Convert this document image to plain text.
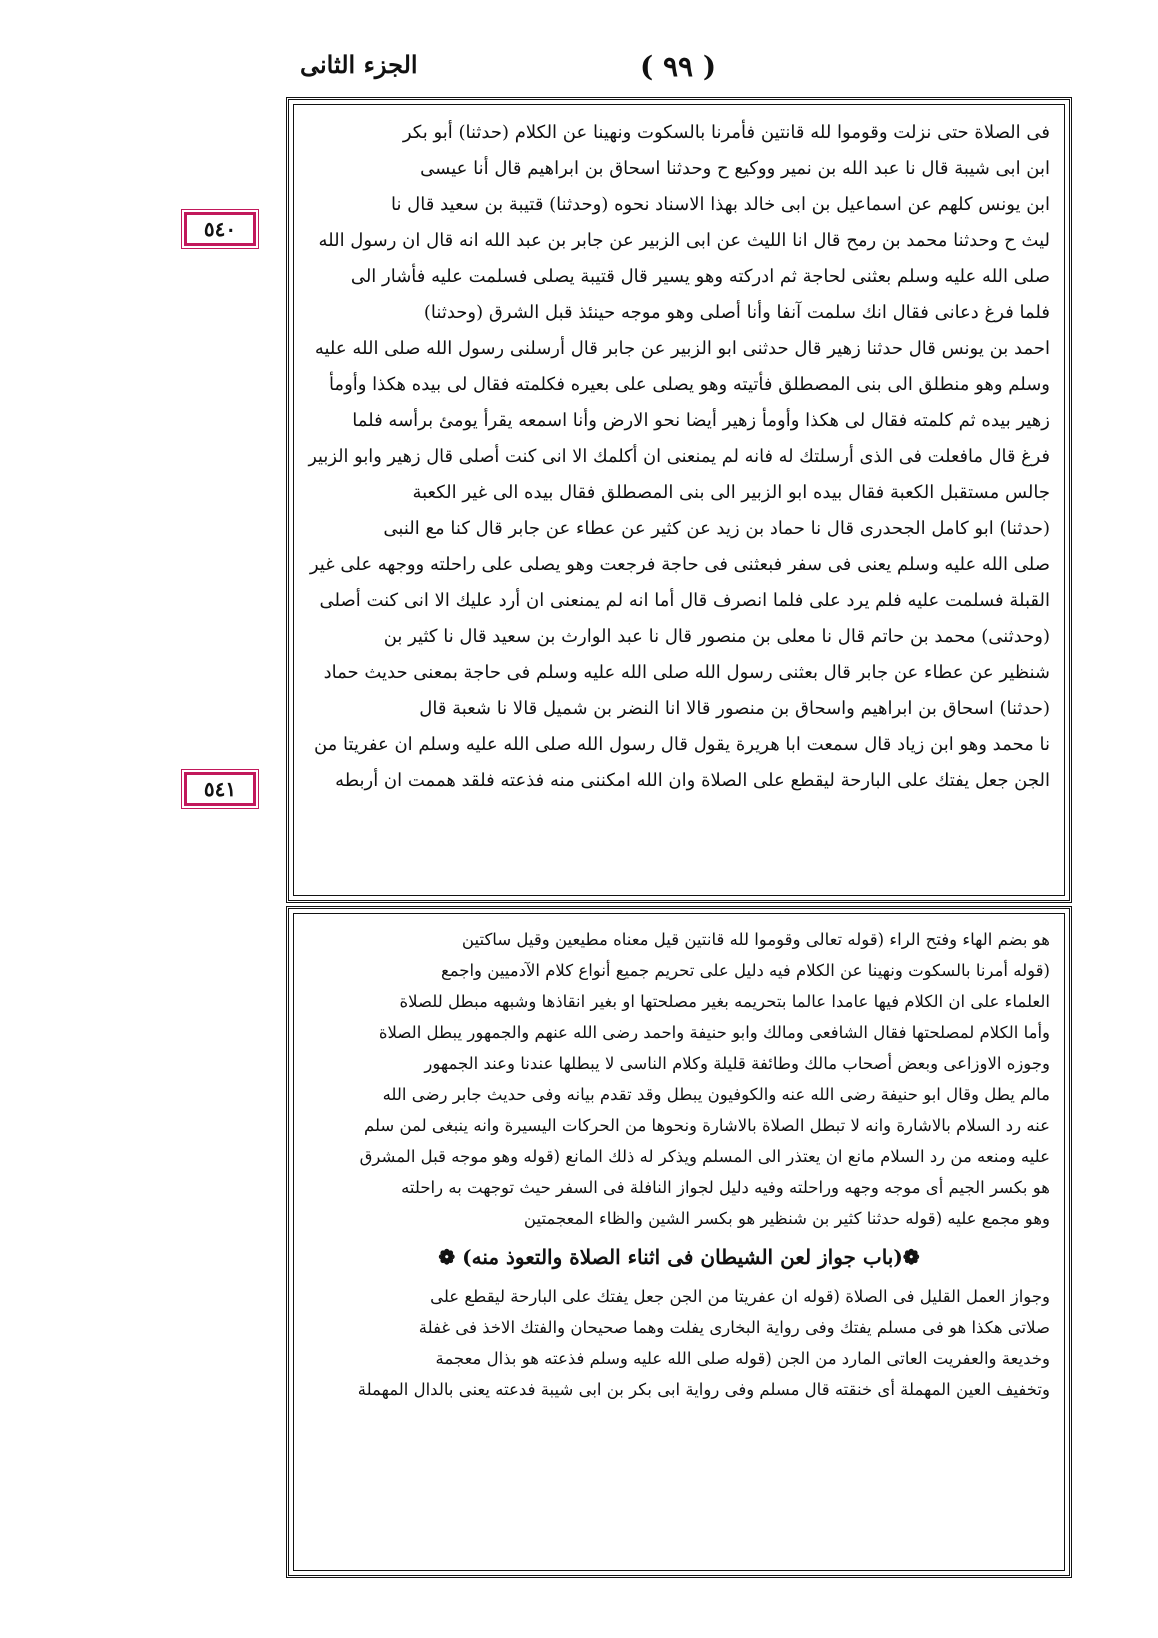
الجزء الثانى	( ٩٩ )
٥٤٠
٥٤١
فى الصلاة حتى نزلت وقوموا لله قانتين فأمرنا بالسكوت ونهينا عن الكلام (حدثنا) أبو بكر
ابن ابى شيبة قال نا عبد الله بن نمير ووكيع ح وحدثنا اسحاق بن ابراهيم قال أنا عيسى
ابن يونس كلهم عن اسماعيل بن ابى خالد بهذا الاسناد نحوه (وحدثنا) قتيبة بن سعيد قال نا
ليث ح وحدثنا محمد بن رمح قال انا الليث عن ابى الزبير عن جابر بن عبد الله انه قال ان رسول الله
صلى الله عليه وسلم بعثنى لحاجة ثم ادركته وهو يسير قال قتيبة يصلى فسلمت عليه فأشار الى
فلما فرغ دعانى فقال انك سلمت آنفا وأنا أصلى وهو موجه حينئذ قبل الشرق (وحدثنا)
احمد بن يونس قال حدثنا زهير قال حدثنى ابو الزبير عن جابر قال أرسلنى رسول الله صلى الله عليه
وسلم وهو منطلق الى بنى المصطلق فأتيته وهو يصلى على بعيره فكلمته فقال لى بيده هكذا وأومأ
زهير بيده ثم كلمته فقال لى هكذا وأومأ زهير أيضا نحو الارض وأنا اسمعه يقرأ يومئ برأسه فلما
فرغ قال مافعلت فى الذى أرسلتك له فانه لم يمنعنى ان أكلمك الا انى كنت أصلى قال زهير وابو الزبير
جالس مستقبل الكعبة فقال بيده ابو الزبير الى بنى المصطلق فقال بيده الى غير الكعبة
(حدثنا) ابو كامل الجحدرى قال نا حماد بن زيد عن كثير عن عطاء عن جابر قال كنا مع النبى
صلى الله عليه وسلم يعنى فى سفر فبعثنى فى حاجة فرجعت وهو يصلى على راحلته ووجهه على غير
القبلة فسلمت عليه فلم يرد على فلما انصرف قال أما انه لم يمنعنى ان أرد عليك الا انى كنت أصلى
(وحدثنى) محمد بن حاتم قال نا معلى بن منصور قال نا عبد الوارث بن سعيد قال نا كثير بن
شنظير عن عطاء عن جابر قال بعثنى رسول الله صلى الله عليه وسلم فى حاجة بمعنى حديث حماد
(حدثنا) اسحاق بن ابراهيم واسحاق بن منصور قالا انا النضر بن شميل قالا نا شعبة قال
نا محمد وهو ابن زياد قال سمعت ابا هريرة يقول قال رسول الله صلى الله عليه وسلم ان عفريتا من
الجن جعل يفتك على البارحة ليقطع على الصلاة وان الله امكننى منه فذعته فلقد هممت ان أربطه
هو بضم الهاء وفتح الراء (قوله تعالى وقوموا لله قانتين قيل معناه مطيعين وقيل ساكتين
(قوله أمرنا بالسكوت ونهينا عن الكلام فيه دليل على تحريم جميع أنواع كلام الآدميين واجمع
العلماء على ان الكلام فيها عامدا عالما بتحريمه بغير مصلحتها او بغير انقاذها وشبهه مبطل للصلاة
وأما الكلام لمصلحتها فقال الشافعى ومالك وابو حنيفة واحمد رضى الله عنهم والجمهور يبطل الصلاة
وجوزه الاوزاعى وبعض أصحاب مالك وطائفة قليلة وكلام الناسى لا يبطلها عندنا وعند الجمهور
مالم يطل وقال ابو حنيفة رضى الله عنه والكوفيون يبطل وقد تقدم بيانه وفى حديث جابر رضى الله
عنه رد السلام بالاشارة وانه لا تبطل الصلاة بالاشارة ونحوها من الحركات اليسيرة وانه ينبغى لمن سلم
عليه ومنعه من رد السلام مانع ان يعتذر الى المسلم ويذكر له ذلك المانع (قوله وهو موجه قبل المشرق
هو بكسر الجيم أى موجه وجهه وراحلته وفيه دليل لجواز النافلة فى السفر حيث توجهت به راحلته
وهو مجمع عليه (قوله حدثنا كثير بن شنظير هو بكسر الشين والظاء المعجمتين
❁(باب جواز لعن الشيطان فى اثناء الصلاة والتعوذ منه) ❁
وجواز العمل القليل فى الصلاة (قوله ان عفريتا من الجن جعل يفتك على البارحة ليقطع على
صلاتى هكذا هو فى مسلم يفتك وفى رواية البخارى يفلت وهما صحيحان والفتك الاخذ فى غفلة
وخديعة والعفريت العاتى المارد من الجن (قوله صلى الله عليه وسلم فذعته هو بذال معجمة
وتخفيف العين المهملة أى خنقته قال مسلم وفى رواية ابى بكر بن ابى شيبة فدعته يعنى بالدال المهملة
